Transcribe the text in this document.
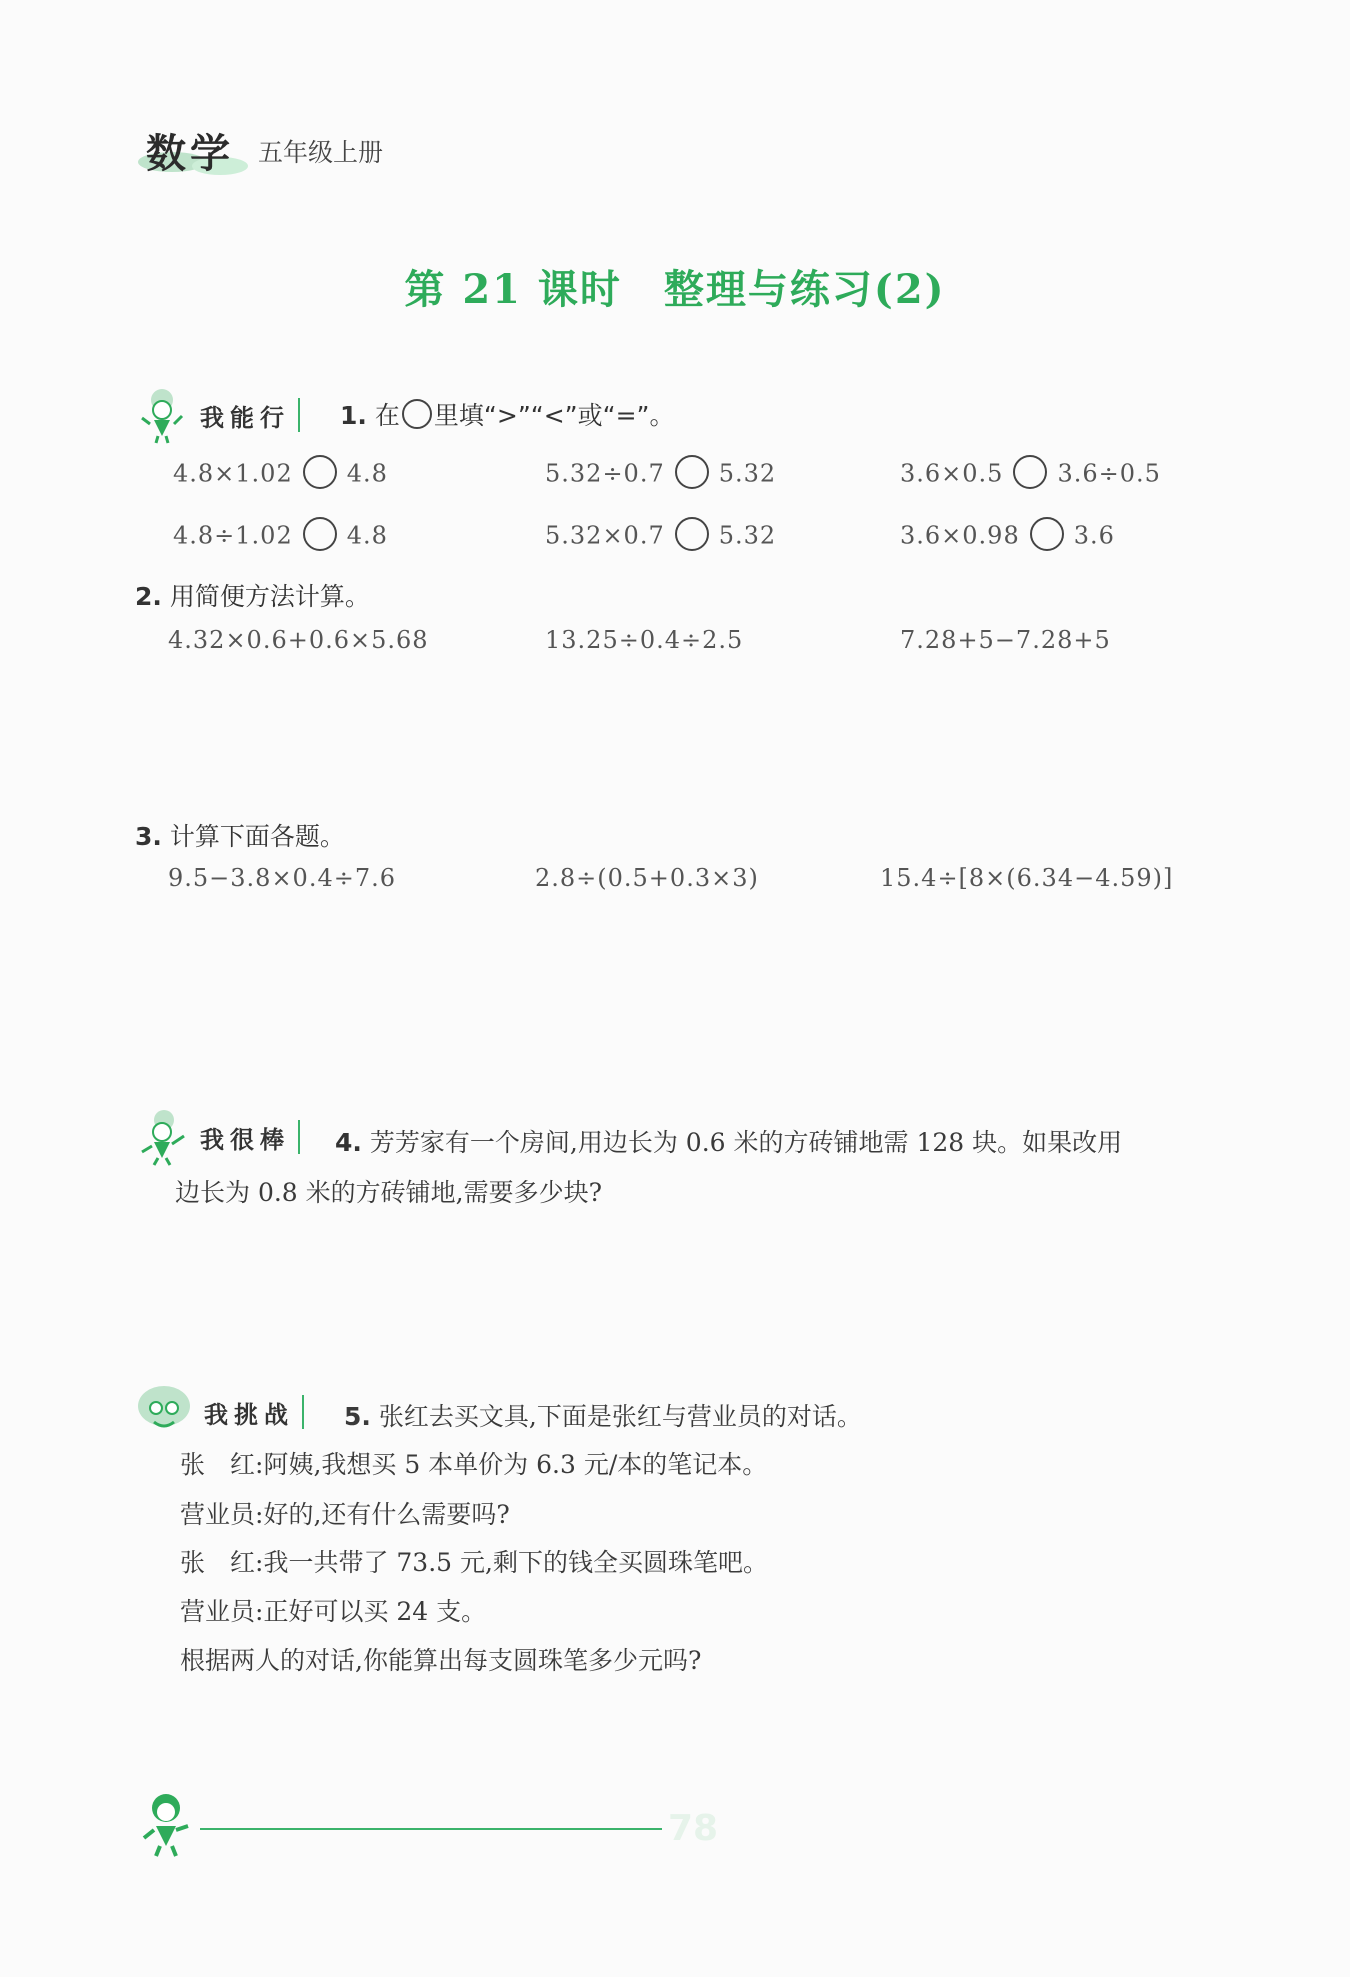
数学 五年级上册
第 21 课时　整理与练习(2)
我能行 1. 在 里填“>”“<”或“=”。
4.8×1.02 4.8	5.32÷0.7 5.32	3.6×0.5 3.6÷0.5
4.8÷1.02 4.8	5.32×0.7 5.32	3.6×0.98 3.6
2. 用简便方法计算。
4.32×0.6+0.6×5.68	13.25÷0.4÷2.5	7.28+5−7.28+5
3. 计算下面各题。
9.5−3.8×0.4÷7.6	2.8÷(0.5+0.3×3)	15.4÷[8×(6.34−4.59)]
我很棒 4. 芳芳家有一个房间,用边长为 0.6 米的方砖铺地需 128 块。如果改用
边长为 0.8 米的方砖铺地,需要多少块?
我挑战 5. 张红去买文具,下面是张红与营业员的对话。
张　红:阿姨,我想买 5 本单价为 6.3 元/本的笔记本。
营业员:好的,还有什么需要吗?
张　红:我一共带了 73.5 元,剩下的钱全买圆珠笔吧。
营业员:正好可以买 24 支。
根据两人的对话,你能算出每支圆珠笔多少元吗?
78
